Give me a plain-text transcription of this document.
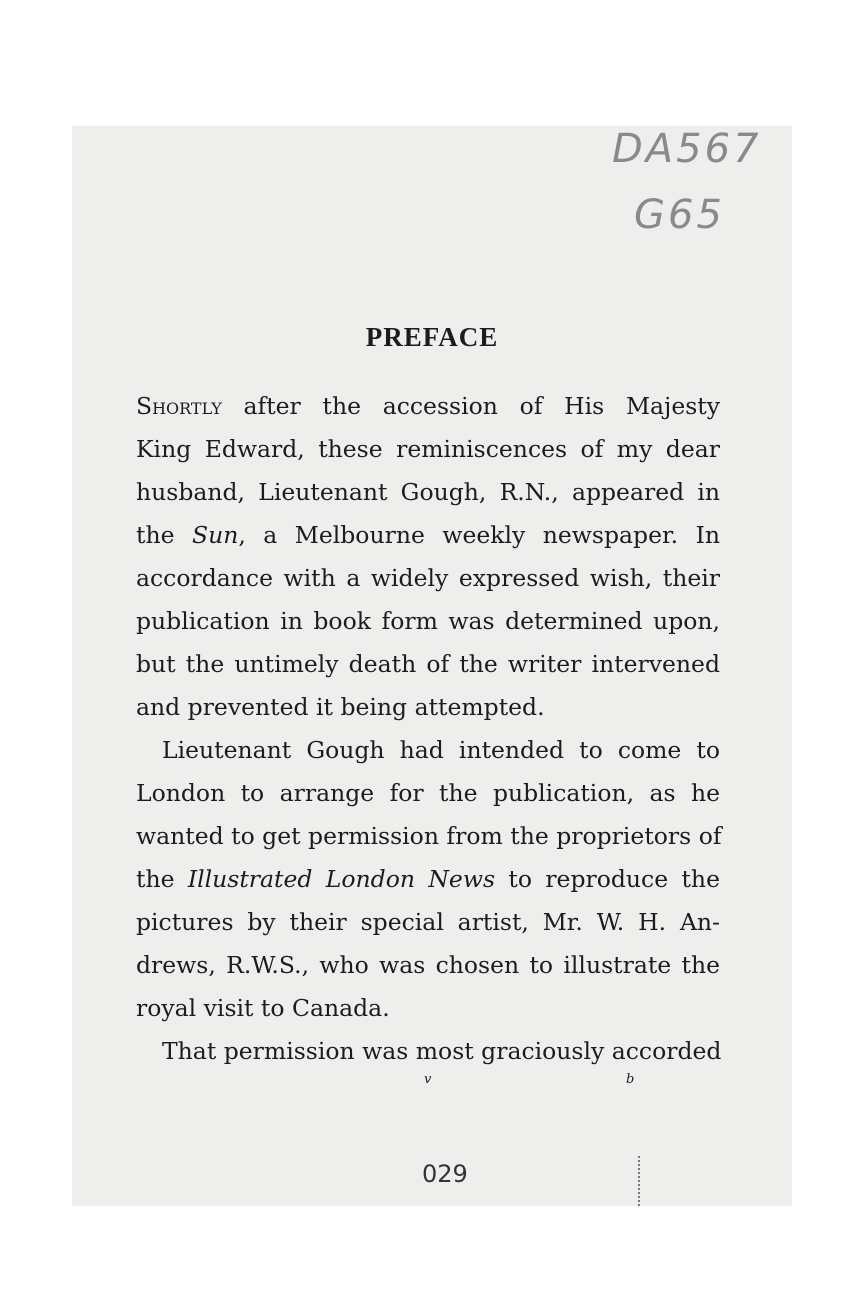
DA567
G65
PREFACE
Shortly after the accession of His Majesty
King Edward, these reminiscences of my dear
husband, Lieutenant Gough, R.N., appeared in
the Sun, a Melbourne weekly newspaper. In
accordance with a widely expressed wish, their
publication in book form was determined upon,
but the untimely death of the writer intervened
and prevented it being attempted.
Lieutenant Gough had intended to come to
London to arrange for the publication, as he
wanted to get permission from the proprietors of
the Illustrated London News to reproduce the
pictures by their special artist, Mr. W. H. An-
drews, R.W.S., who was chosen to illustrate the
royal visit to Canada.
That permission was most graciously accorded
v	b
029
